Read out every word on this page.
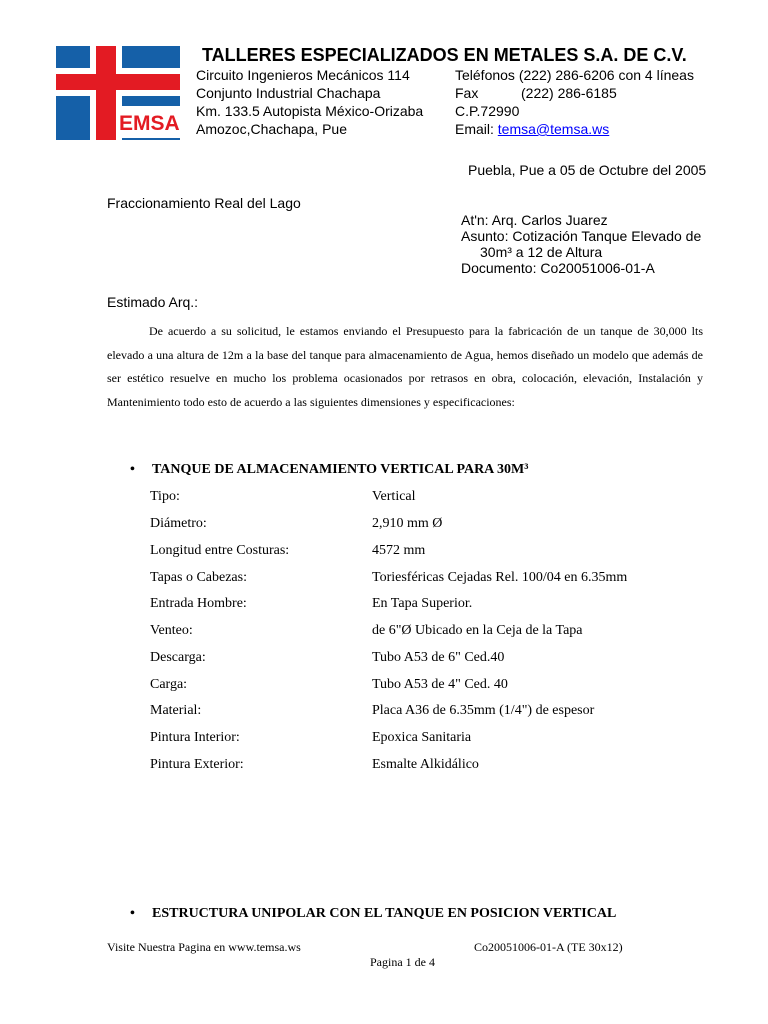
EMSA
TALLERES ESPECIALIZADOS EN METALES S.A. DE C.V.
Circuito Ingenieros Mecánicos 114
Conjunto Industrial Chachapa
Km. 133.5 Autopista México-Orizaba
Amozoc,Chachapa, Pue
Teléfonos (222) 286-6206 con 4 líneas
Fax	(222) 286-6185
C.P.72990
Email: temsa@temsa.ws
Puebla, Pue a 05 de Octubre del 2005
Fraccionamiento Real del Lago
At'n: Arq. Carlos Juarez
Asunto: Cotización Tanque Elevado de
30m³ a 12 de Altura
Documento: Co20051006-01-A
Estimado Arq.:

De acuerdo a su solicitud, le estamos enviando el Presupuesto para la fabricación de un tanque de 30,000 lts elevado a una altura de 12m a la base del tanque para almacenamiento de Agua, hemos diseñado un modelo que además de ser estético resuelve en mucho los problema ocasionados por retrasos en obra, colocación, elevación, Instalación y Mantenimiento todo esto de acuerdo a las siguientes dimensiones y especificaciones:

• TANQUE DE ALMACENAMIENTO VERTICAL PARA 30M³
Tipo:	Vertical
Diámetro:	2,910 mm Ø
Longitud entre Costuras:	4572 mm
Tapas o Cabezas:	Toriesféricas Cejadas Rel. 100/04 en 6.35mm
Entrada Hombre:	En Tapa Superior.
Venteo:	de 6"Ø Ubicado en la Ceja de la Tapa
Descarga:	Tubo A53 de 6" Ced.40
Carga:	Tubo A53 de 4" Ced. 40
Material:	Placa A36 de 6.35mm (1/4") de espesor
Pintura Interior:	Epoxica Sanitaria
Pintura Exterior:	Esmalte Alkidálico
• ESTRUCTURA UNIPOLAR CON EL TANQUE EN POSICION VERTICAL
Visite Nuestra Pagina en www.temsa.ws	Co20051006-01-A (TE 30x12)
Pagina 1 de 4
